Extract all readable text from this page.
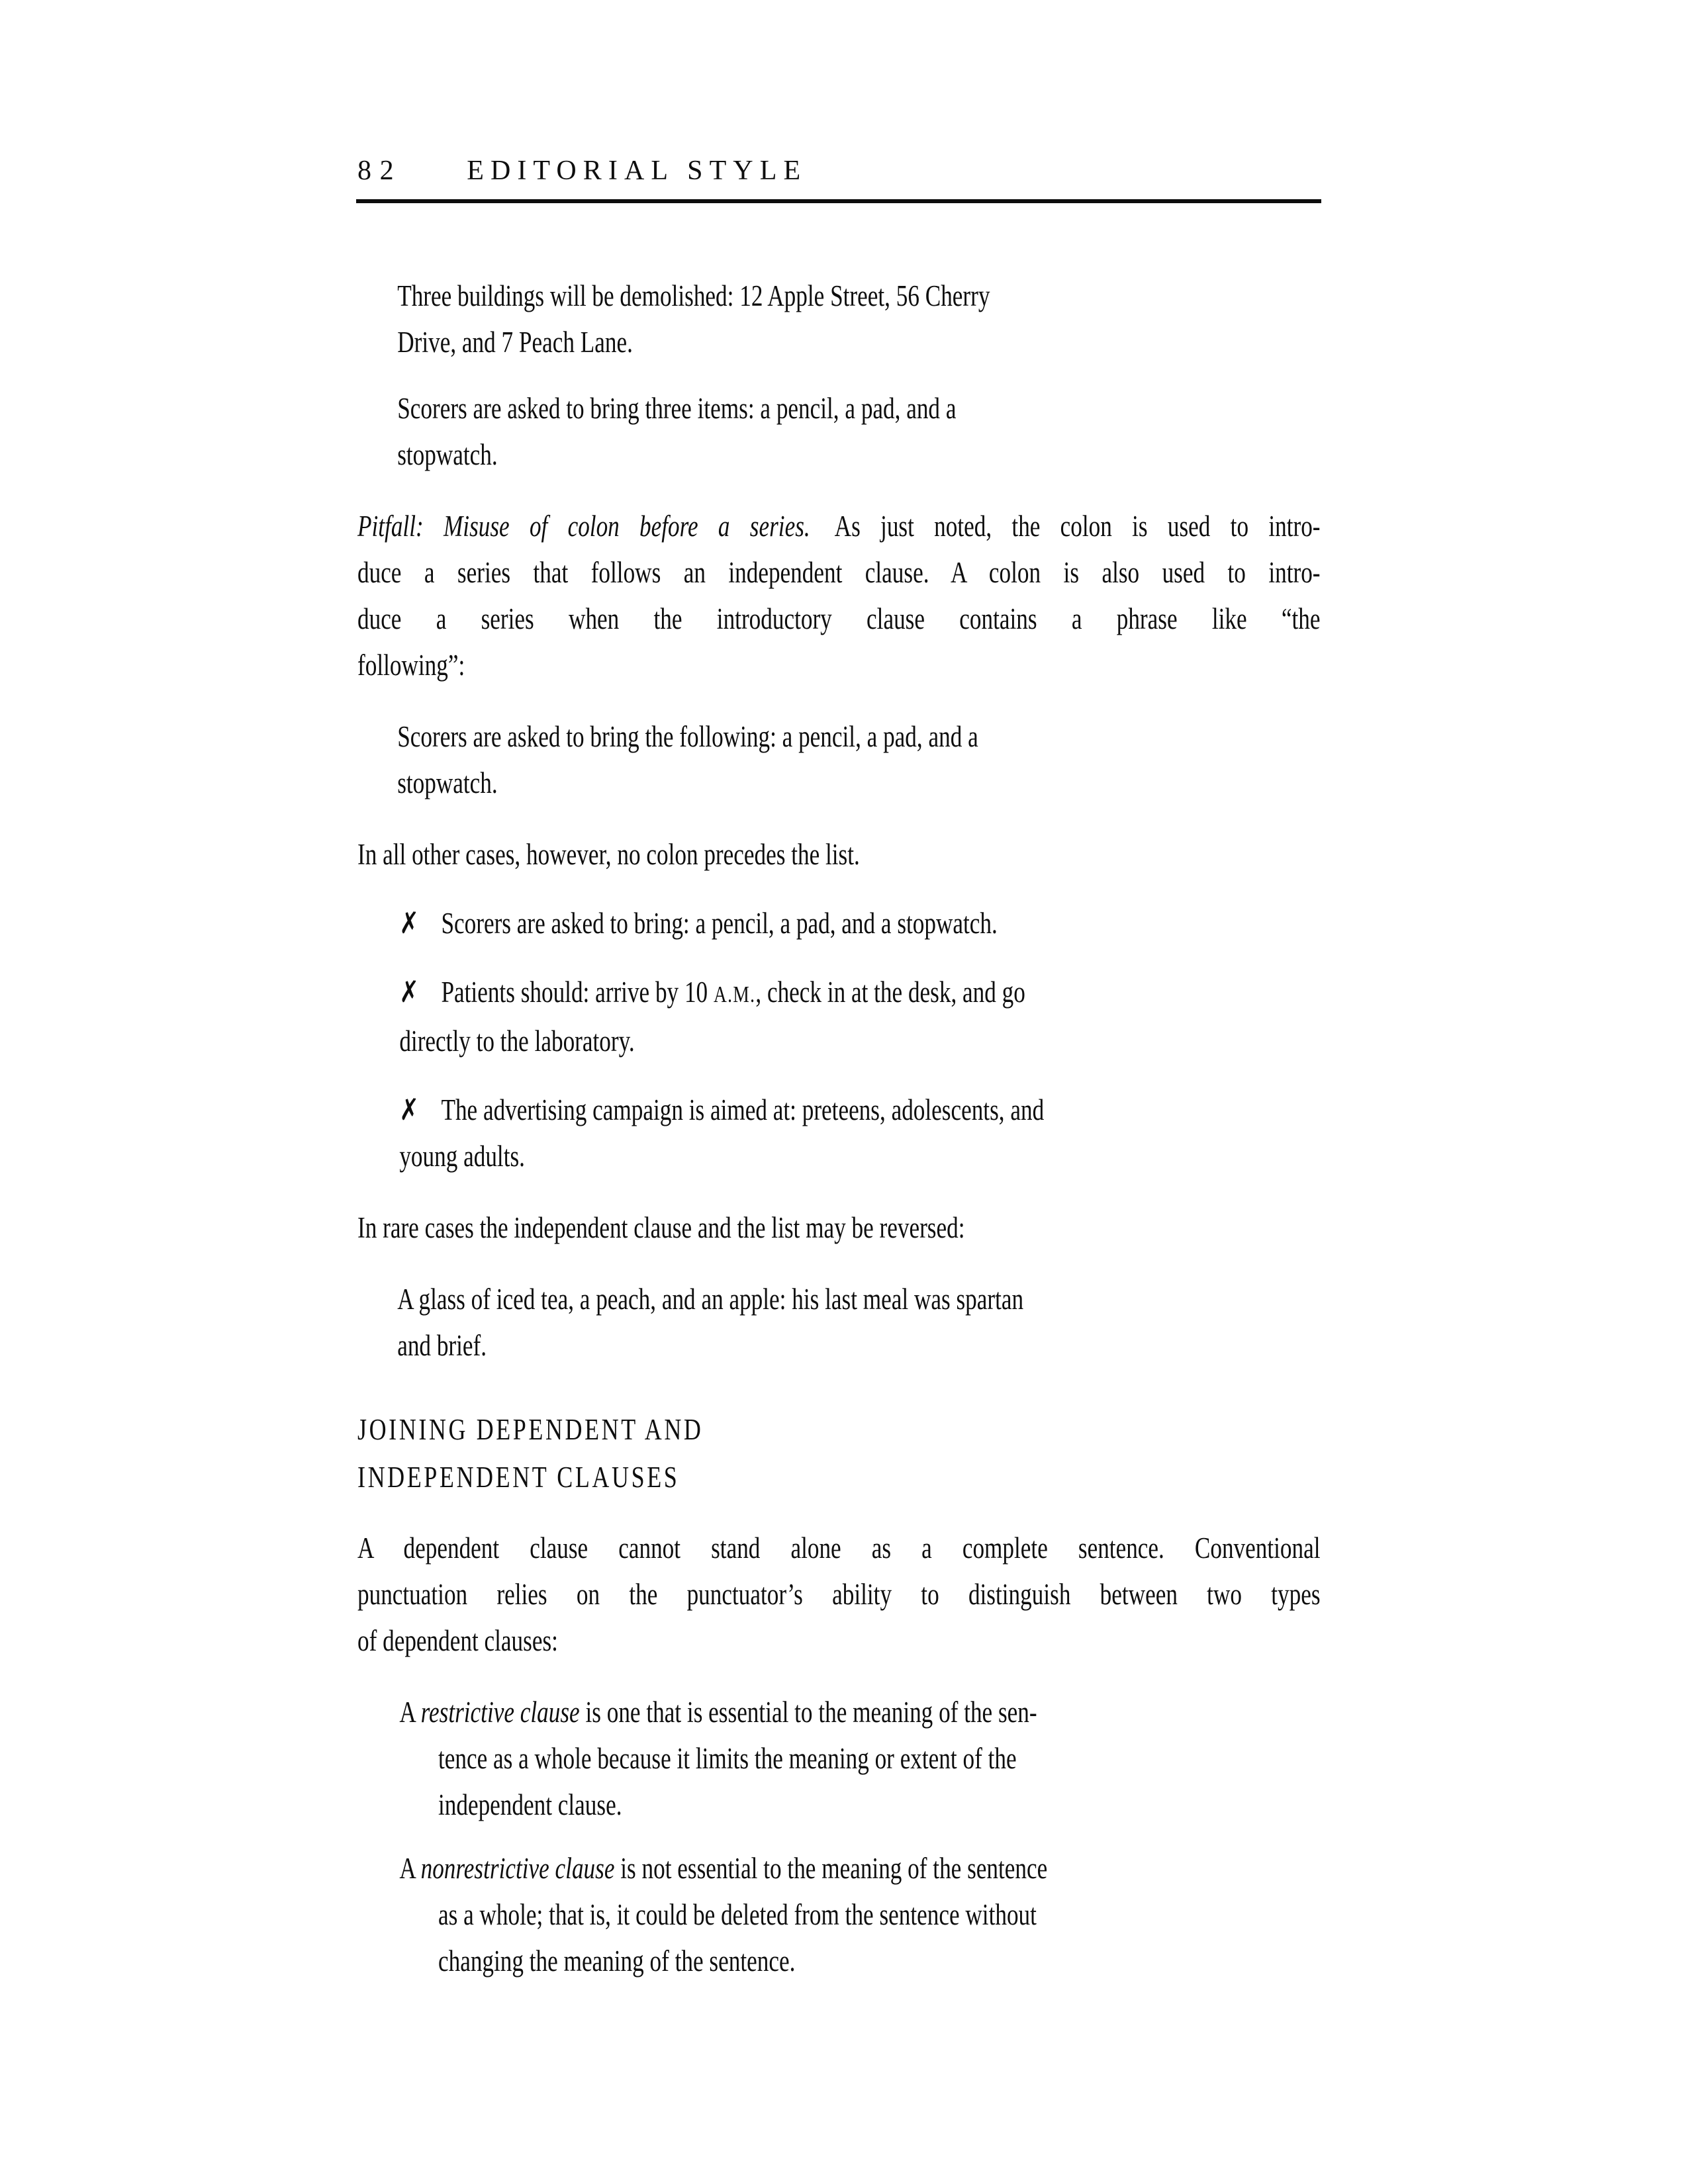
82 EDITORIAL STYLE
Three buildings will be demolished: 12 Apple Street, 56 Cherry
Drive, and 7 Peach Lane.
Scorers are asked to bring three items: a pencil, a pad, and a
stopwatch.
Pitfall: Misuse of colon before a series. As just noted, the colon is used to intro-
duce a series that follows an independent clause. A colon is also used to intro-
duce a series when the introductory clause contains a phrase like “the
following”:
Scorers are asked to bring the following: a pencil, a pad, and a
stopwatch.
In all other cases, however, no colon precedes the list.
✗ Scorers are asked to bring: a pencil, a pad, and a stopwatch.
✗ Patients should: arrive by 10 A.M., check in at the desk, and go
directly to the laboratory.
✗ The advertising campaign is aimed at: preteens, adolescents, and
young adults.
In rare cases the independent clause and the list may be reversed:
A glass of iced tea, a peach, and an apple: his last meal was spartan
and brief.
JOINING DEPENDENT AND
INDEPENDENT CLAUSES
A dependent clause cannot stand alone as a complete sentence. Conventional
punctuation relies on the punctuator’s ability to distinguish between two types
of dependent clauses:
A restrictive clause is one that is essential to the meaning of the sen-
tence as a whole because it limits the meaning or extent of the
independent clause.
A nonrestrictive clause is not essential to the meaning of the sentence
as a whole; that is, it could be deleted from the sentence without
changing the meaning of the sentence.
